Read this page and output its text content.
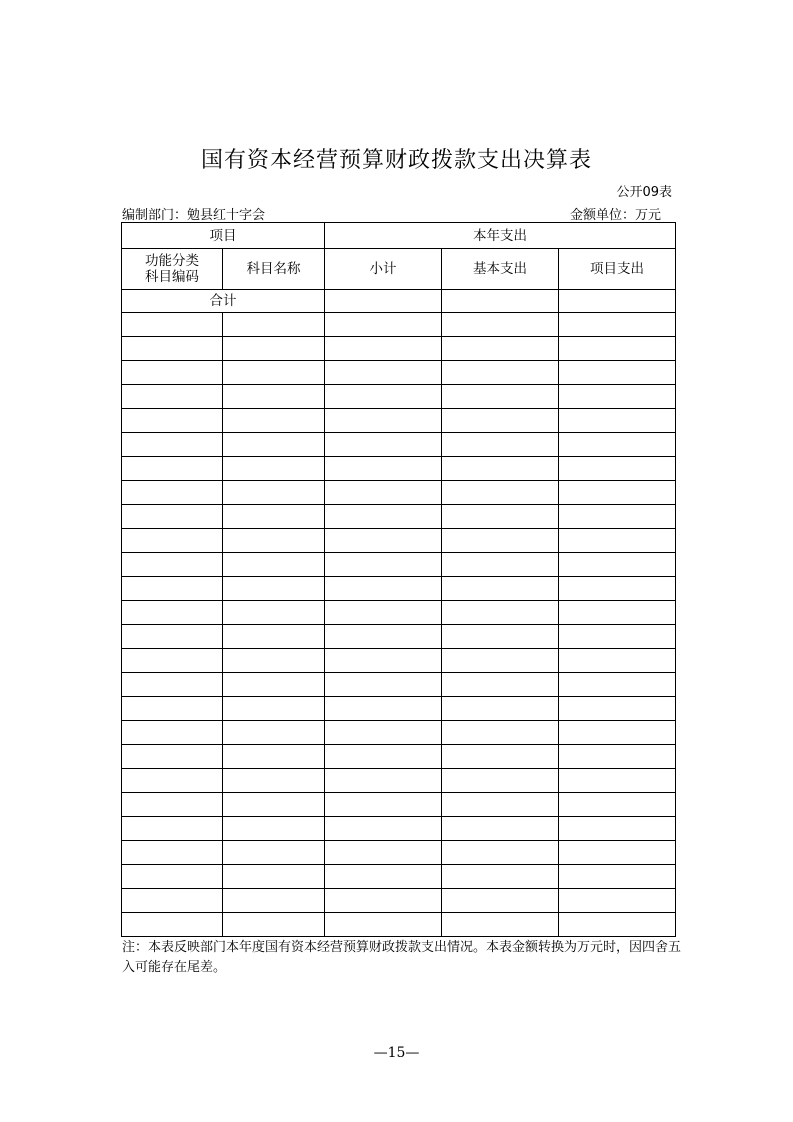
国有资本经营预算财政拨款支出决算表
公开09表
编制部门：勉县红十字会	金额单位：万元
项目		本年支出		
功能分类科目编码	科目名称	小计	基本支出	项目支出
合计				

注：本表反映部门本年度国有资本经营预算财政拨款支出情况。本表金额转换为万元时，因四舍五入可能存在尾差。
—15—
